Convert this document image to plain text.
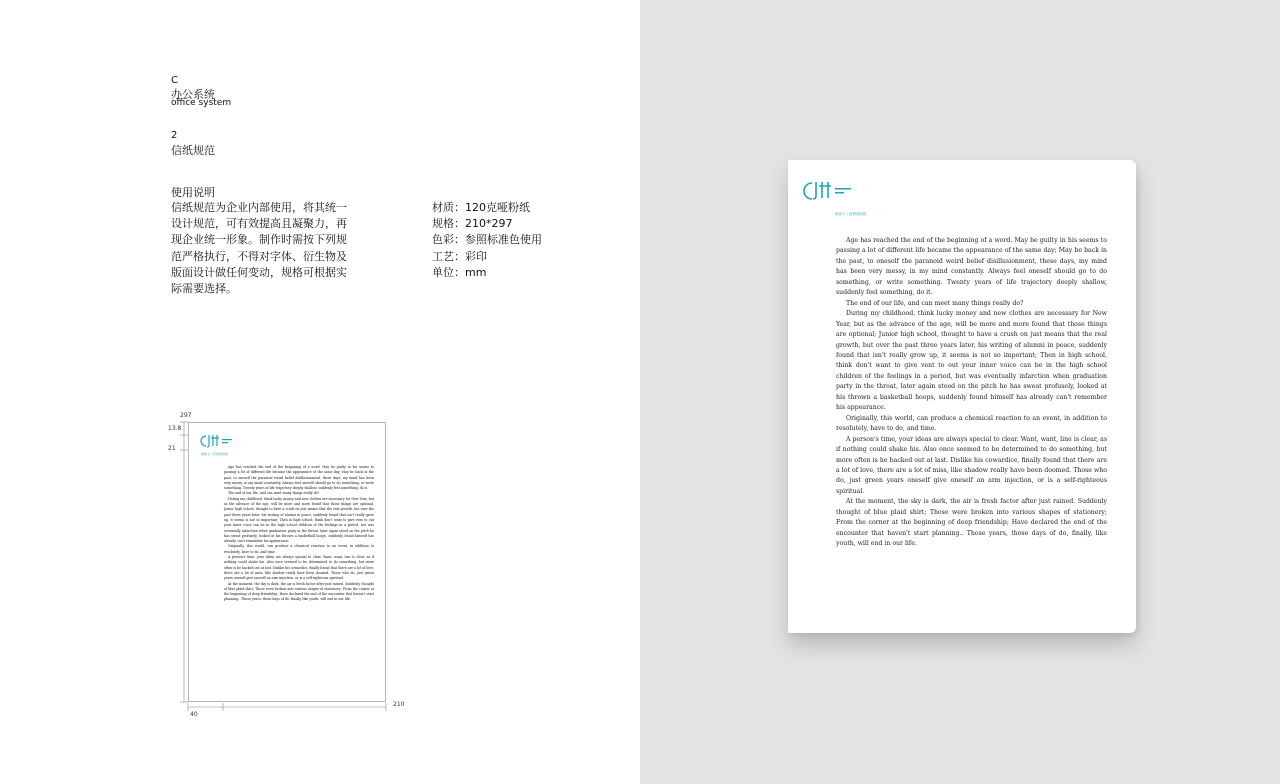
C
办公系统
office system
2
信纸规范
使用说明
信纸规范为企业内部使用，将其统一
设计规范，可有效提高且凝聚力，再
现企业统一形象。制作时需按下列规
范严格执行，不得对字体、衍生物及
版面设计做任何变动，规格可根据实
际需要选择。
材质：120克哑粉纸
规格：210*297
色彩：参照标准色使用
工艺：彩印
单位：mm
297
13.8
21
40
210
源泰太 / 营销部信纸

Age has reached the end of the beginning of a word. May be guilty in his seems to passing a lot of different life became the appearance of the same day; May be back in the past, to oneself the paranoid weird belief disillusionment, these days, my mind has been very messy, in my mind constantly. Always feel oneself should go to do something, or write something. Twenty years of life trajectory deeply shallow, suddenly feel something, do it.

The end of our life, and can meet many things really do?

During my childhood, think lucky money and new clothes are necessary for New Year, but as the advance of the age, will be more and more found that those things are optional; Junior high school, thought to have a crush on just means that the real growth, but over the past three years later, his writing of alumni in peace, suddenly found that isn't really grow up, it seems is not so important; Then in high school, think don't want to give vent to out your inner voice can be in the high school children of the feelings in a period, but was eventually infarction when graduation party in the throat, later again stood on the pitch he has sweat profusely, looked at his thrown a basketball hoops, suddenly found himself has already can't remember his appearance.

Originally, this world, can produce a chemical reaction to an event, in addition to resolutely, have to do, and time.

A person's time, your ideas are always special to clear. Want, want, line is clear, as if nothing could shake his. Also once seemed to be determined to do something, but more often is he backed out at last. Dislike his cowardice, finally found that there are a lot of love, there are a lot of miss, like shadow really have been doomed. Those who do, just green years oneself give oneself an arm injection, or is a self-righteous spiritual.

At the moment, the sky is dark, the air is fresh factor after just rained. Suddenly thought of blue plaid shirt; Those were broken into various shapes of stationery; From the corner at the beginning of deep friendship; Have declared the end of the encounter that haven't start planning.. Those years, those days of do, finally, like youth, will end in our life.

源泰太 / 营销部信纸

Age has reached the end of the beginning of a word. May be guilty in his seems to passing a lot of different life became the appearance of the same day; May be back in the past, to oneself the paranoid weird belief disillusionment, these days, my mind has been very messy, in my mind constantly. Always feel oneself should go to do something, or write something. Twenty years of life trajectory deeply shallow, suddenly feel something, do it.

The end of our life, and can meet many things really do?

During my childhood, think lucky money and new clothes are necessary for New Year, but as the advance of the age, will be more and more found that those things are optional; Junior high school, thought to have a crush on just means that the real growth, but over the past three years later, his writing of alumni in peace, suddenly found that isn't really grow up, it seems is not so important; Then in high school, think don't want to give vent to out your inner voice can be in the high school children of the feelings in a period, but was eventually infarction when graduation party in the throat, later again stood on the pitch he has sweat profusely, looked at his thrown a basketball hoops, suddenly found himself has already can't remember his appearance.

Originally, this world, can produce a chemical reaction to an event, in addition to resolutely, have to do, and time.

A person's time, your ideas are always special to clear. Want, want, line is clear, as if nothing could shake his. Also once seemed to be determined to do something, but more often is he backed out at last. Dislike his cowardice, finally found that there are a lot of love, there are a lot of miss, like shadow really have been doomed. Those who do, just green years oneself give oneself an arm injection, or is a self-righteous spiritual.

At the moment, the sky is dark, the air is fresh factor after just rained. Suddenly thought of blue plaid shirt; Those were broken into various shapes of stationery; From the corner at the beginning of deep friendship; Have declared the end of the encounter that haven't start planning.. Those years, those days of do, finally, like youth, will end in our life.
